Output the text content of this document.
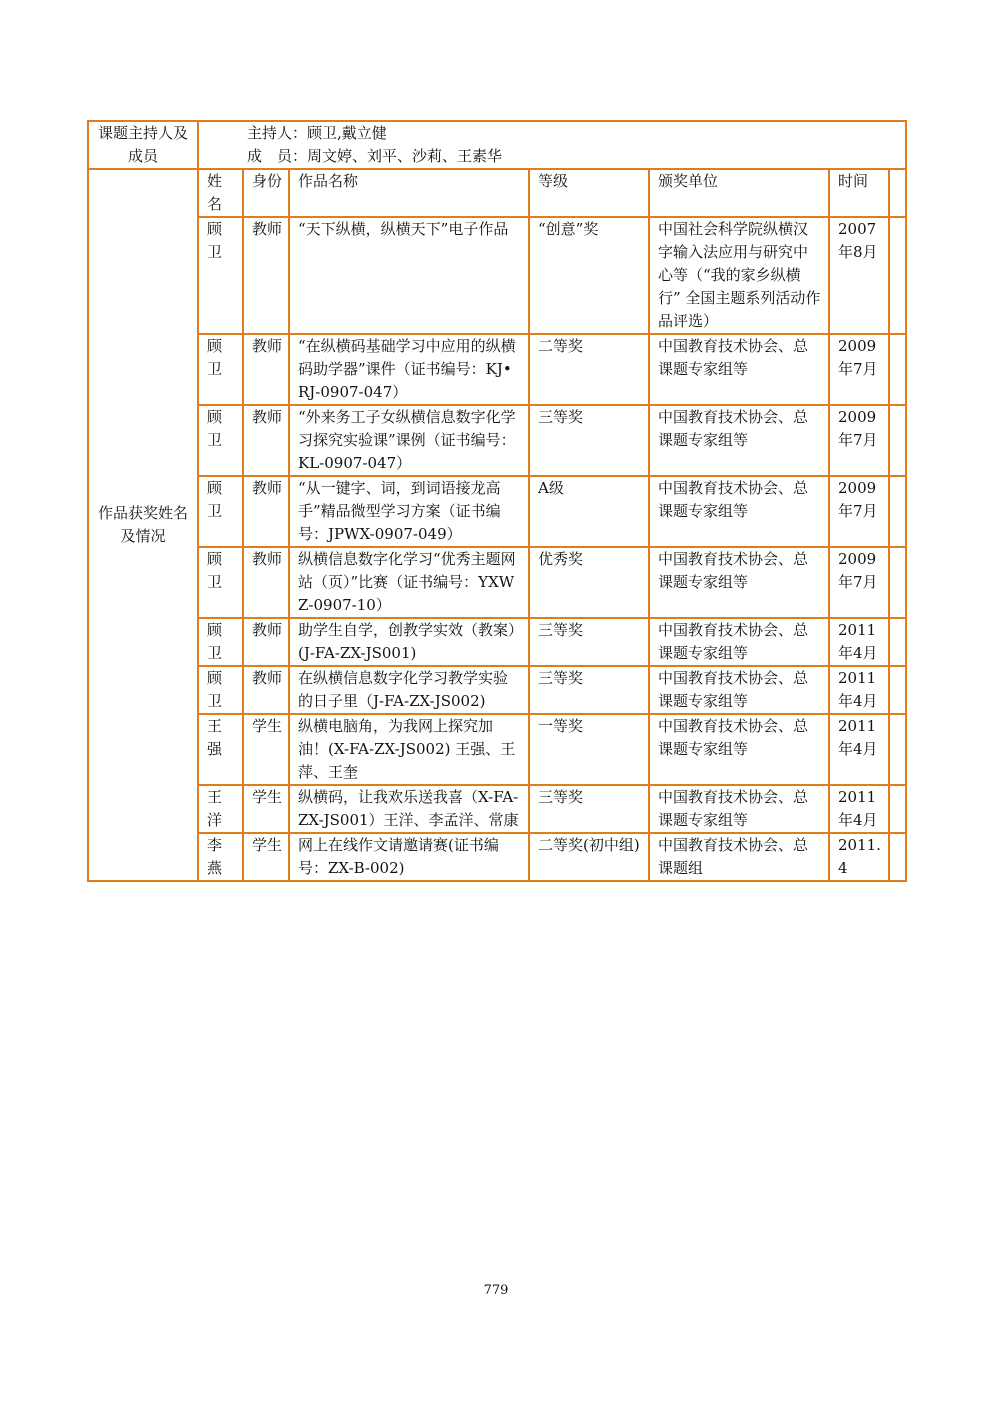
课题主持人及成员	
主持人：顾卫,戴立健
成　员：周文婷、刘平、沙莉、王素华

作品获奖姓名及情况	
姓名	身份	作品名称	等级	颁奖单位	时间	
顾卫	教师	“天下纵横，纵横天下”电子作品	“创意”奖	中国社会科学院纵横汉字输入法应用与研究中心等（“我的家乡纵横行” 全国主题系列活动作品评选）	2007年8月	
顾卫	教师	“在纵横码基础学习中应用的纵横码助学器”课件（证书编号：KJ•RJ-0907-047）	二等奖	中国教育技术协会、总课题专家组等	2009年7月	
顾卫	教师	“外来务工子女纵横信息数字化学习探究实验课”课例（证书编号：KL-0907-047）	三等奖	中国教育技术协会、总课题专家组等	2009年7月	
顾卫	教师	“从一键字、词，到词语接龙高手”精品微型学习方案（证书编号：JPWX-0907-049）	A级	中国教育技术协会、总课题专家组等	2009年7月	
顾卫	教师	纵横信息数字化学习“优秀主题网站（页）”比赛（证书编号：YXWZ-0907-10）	优秀奖	中国教育技术协会、总课题专家组等	2009年7月	
顾卫	教师	助学生自学，创教学实效（教案）(J-FA-ZX-JS001)	三等奖	中国教育技术协会、总课题专家组等	2011年4月	
顾卫	教师	在纵横信息数字化学习教学实验的日子里（J-FA-ZX-JS002)	三等奖	中国教育技术协会、总课题专家组等	2011年4月	
王强	学生	纵横电脑角，为我网上探究加油！(X-FA-ZX-JS002) 王强、王萍、王奎	一等奖	中国教育技术协会、总课题专家组等	2011年4月	
王洋	学生	纵横码，让我欢乐送我喜（X-FA-ZX-JS001）王洋、李孟洋、常康	三等奖	中国教育技术协会、总课题专家组等	2011年4月	
李燕	学生	网上在线作文请邀请赛(证书编号：ZX-B-002)	二等奖(初中组)	中国教育技术协会、总课题组	2011.4	
779
